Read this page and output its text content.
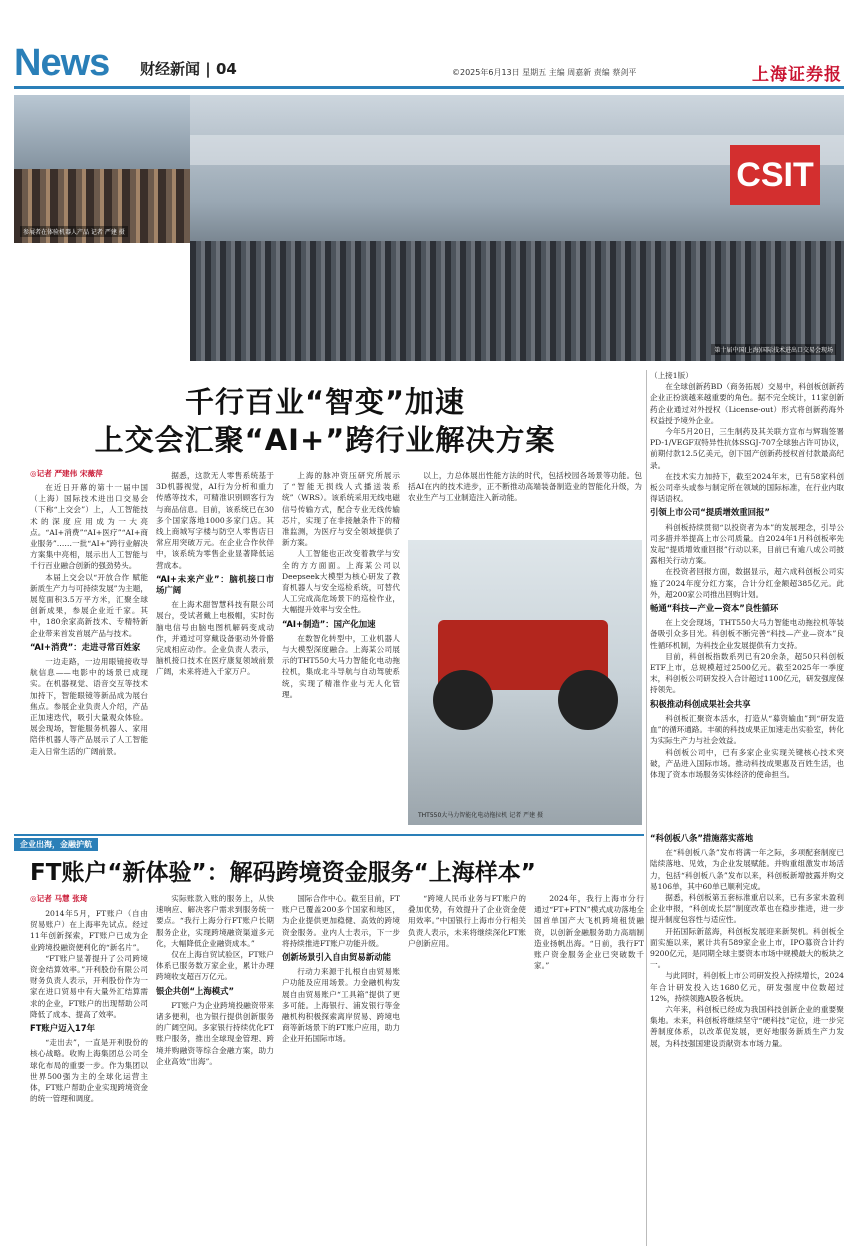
News 财经新闻 | 04	©2025年6月13日 星期五 主编 周嘉新 责编 蔡剑平	上海证券报
参展者在体验机器人产品 记者 严建 摄
CSIT
第十届中国(上海)国际技术进出口交易会现场

（上接1版）

在全球创新药BD（商务拓展）交易中，科创板创新药企业正扮演越来越重要的角色。据不完全统计，11家创新药企业通过对外授权（License-out）形式将创新药海外权益授予境外企业。

今年5月20日，三生制药及其关联方宣布与辉瑞签署PD-1/VEGF双特异性抗体SSGJ-707全球独占许可协议，前期付款12.5亿美元，创下国产创新药授权首付款最高纪录。

在技术实力加持下，截至2024年末，已有58家科创板公司牵头或参与制定所在领域的国际标准，在行业内取得话语权。

引领上市公司“提质增效重回报”

科创板持续贯彻“以投资者为本”的发展理念，引导公司多措并举提高上市公司质量。自2024年1月科创板率先发起“提质增效重回报”行动以来，目前已有逾八成公司披露相关行动方案。

在投资者回报方面，数据显示，超六成科创板公司实施了2024年度分红方案，合计分红金额超385亿元。此外，超200家公司推出回购计划。

畅通“科技—产业—资本”良性循环

在上交会现场，THT550大马力智能电动拖拉机等装备吸引众多目光。科创板不断完善“科技—产业—资本”良性循环机制，为科技企业发展提供有力支持。

目前，科创板指数系列已有20余条，超50只科创板ETF上市，总规模超过2500亿元。截至2025年一季度末，科创板公司研发投入合计超过1100亿元，研发强度保持领先。

积极推动科创成果社会共享

科创板汇聚资本活水，打造从“募资输血”到“研发造血”的循环通路。丰硕的科技成果正加速走出实验室，转化为实际生产力与社会效益。

科创板公司中，已有多家企业实现关键核心技术突破，产品进入国际市场。推动科技成果惠及百姓生活，也体现了资本市场服务实体经济的使命担当。

千行百业“智变”加速
上交会汇聚“AI+”跨行业解决方案
◎记者 严建伟 宋薇萍

在近日开幕的第十一届中国（上海）国际技术进出口交易会（下称“上交会”）上，人工智能技术的深度应用成为一大亮点。“AI+消费”“AI+医疗”“AI+商业服务”……一批“AI+”跨行业解决方案集中亮相，展示出人工智能与千行百业融合创新的强劲势头。

本届上交会以“开放合作 赋能新质生产力与可持续发展”为主题，展览面积3.5万平方米，汇聚全球创新成果，参展企业近千家。其中，180余家高新技术、专精特新企业带来首发首展产品与技术。

“AI+消费”：走进寻常百姓家

一边走路，一边用眼镜接收导航信息——电影中的场景已成现实。在机器视觉、语音交互等技术加持下，智能眼镜等新品成为展台焦点。参展企业负责人介绍，产品正加速迭代，吸引大量观众体验。展会现场，智能服务机器人、家用陪伴机器人等产品展示了人工智能走入日常生活的广阔前景。

据悉，这款无人零售系统基于3D机器视觉，AI行为分析和重力传感等技术，可精准识别顾客行为与商品信息。目前，该系统已在30多个国家落地1000多家门店。其线上商城写字楼与防空人零售店日常应用突破万元。在企业合作伙伴中，该系统为零售企业显著降低运营成本。

“AI+未来产业”：脑机接口市场广阔

在上海术甜智慧科技有限公司展台，受试者戴上电极帽，实时伤脑电信号由脑电图机解码变成动作，并通过可穿戴设备驱动外骨骼完成相应动作。企业负责人表示，脑机接口技术在医疗康复领域前景广阔，未来将进入千家万户。

上海的脉冲资压研究所展示了“智能无损线人式播送装系统”（WRS）。该系统采用无线电磁信号传输方式，配合专业无线传输芯片，实现了在非接触条件下的精准监测，为医疗与安全领域提供了新方案。

人工智能也正改变着教学与安全的方方面面。上海某公司以Deepseek大模型为核心研发了教育机器人与安全巡检系统，可替代人工完成高危场景下的巡检作业，大幅提升效率与安全性。

“AI+制造”：国产化加速

在数智化转型中，工业机器人与大模型深度融合。上海某公司展示的THT550大马力智能化电动拖拉机，集成北斗导航与自动驾驶系统，实现了精准作业与无人化管理。

以上，力总体展出性能方法的时代，包括校园各场景等功能。包括AI在内的技术进步，正不断推动高端装备制造业的智能化升级，为农业生产与工业制造注入新动能。

THT550大马力智能化电动拖拉机 记者 严建 摄
企业出海，金融护航
FT账户“新体验”：解码跨境资金服务“上海样本”
◎记者 马慧 张琦

2014年5月，FT账户（自由贸易账户）在上海率先试点。经过11年创新探索，FT账户已成为企业跨境投融资便利化的“新名片”。

“FT账户显著提升了公司跨境资金结算效率。”开利股份有限公司财务负责人表示，开利股份作为一家在进口贸易中有大量外汇结算需求的企业，FT账户的出现帮助公司降低了成本、提高了效率。

FT账户迈入17年

“走出去”，一直是开利股份的核心战略。收购上海集团总公司全球化布局的重要一步。作为集团以世界500强为主的全球化运营主体，FT账户帮助企业实现跨境资金的统一管理和调度。

实际账款入账的服务上，从快速响应、解决客户需求到服务统一要点。“我行上海分行FT账户长期服务企业，实现跨境融资渠道多元化，大幅降低企业融资成本。”

仅在上海自贸试验区，FT账户体系已服务数万家企业，累计办理跨境收支超百万亿元。

银企共创“上海模式”

FT账户为企业跨境投融资带来诸多便利，也为银行提供创新服务的广阔空间。多家银行持续优化FT账户服务，推出全球现金管理、跨境并购融资等综合金融方案，助力企业高效“出海”。

国际合作中心。截至目前，FT账户已覆盖200多个国家和地区，为企业提供更加稳健、高效的跨境资金服务。业内人士表示，下一步将持续推进FT账户功能升级。

创新场景引入自由贸易新动能

行动力来源于扎根自由贸易账户功能及应用场景。力金融机构发展自由贸易账户“工具箱”提供了更多可能。上海银行、浦发银行等金融机构积极探索离岸贸易、跨境电商等新场景下的FT账户应用，助力企业开拓国际市场。

“跨境人民币业务与FT账户的叠加优势，有效提升了企业资金使用效率。”中国银行上海市分行相关负责人表示，未来将继续深化FT账户创新应用。

2024年，我行上海市分行通过“FT+FTN”模式成功落地全国首单国产大飞机跨境租赁融资，以创新金融服务助力高端制造业扬帆出海。“日前，我行FT账户资金服务企业已突破数千家。”

“科创板八条”措施落实落地

在“科创板八条”发布将满一年之际，多项配套制度已陆续落地、见效，为企业发展赋能。并购重组激发市场活力，包括“科创板八条”发布以来，科创板新增披露并购交易106单，其中60单已顺利完成。

据悉，科创板第五套标准重启以来，已有多家未盈利企业申报，“科创成长层”制度改革也在稳步推进，进一步提升制度包容性与适应性。

开拓国际新蓝海，科创板发展迎来新契机。科创板全面实施以来，累计共有589家企业上市，IPO募资合计约9200亿元，是同期全球主要资本市场中规模最大的板块之一。

与此同时，科创板上市公司研发投入持续增长，2024年合计研发投入达1680亿元，研发强度中位数超过12%，持续领跑A股各板块。

六年来，科创板已经成为我国科技创新企业的重要聚集地。未来，科创板将继续坚守“硬科技”定位，进一步完善制度体系，以改革促发展，更好地服务新质生产力发展，为科技强国建设贡献资本市场力量。
